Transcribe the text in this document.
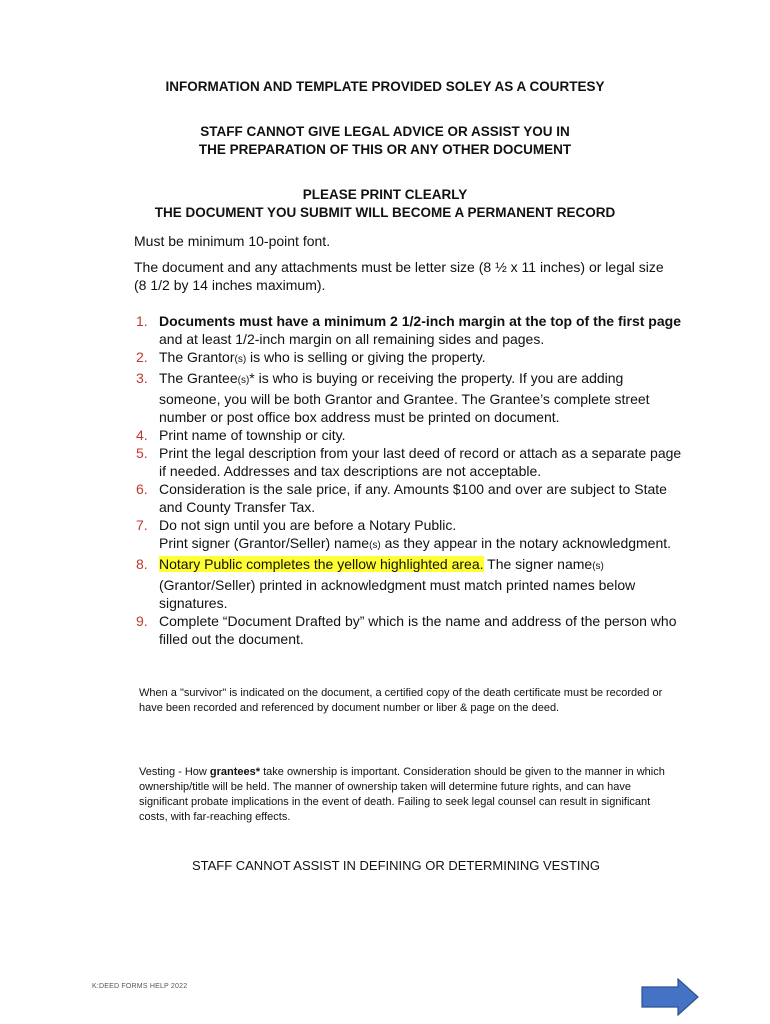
INFORMATION AND TEMPLATE PROVIDED SOLEY AS A COURTESY
STAFF CANNOT GIVE LEGAL ADVICE OR ASSIST YOU IN
THE PREPARATION OF THIS OR ANY OTHER DOCUMENT
PLEASE PRINT CLEARLY
THE DOCUMENT YOU SUBMIT WILL BECOME A PERMANENT RECORD
Must be minimum 10-point font.
The document and any attachments must be letter size (8 ½ x 11 inches) or legal size (8 1/2 by 14 inches maximum).
1. Documents must have a minimum 2 1/2-inch margin at the top of the first page and at least 1/2-inch margin on all remaining sides and pages.
2. The Grantor(s) is who is selling or giving the property.
3. The Grantee(s)* is who is buying or receiving the property. If you are adding someone, you will be both Grantor and Grantee. The Grantee’s complete street number or post office box address must be printed on document.
4. Print name of township or city.
5. Print the legal description from your last deed of record or attach as a separate page if needed. Addresses and tax descriptions are not acceptable.
6. Consideration is the sale price, if any. Amounts $100 and over are subject to State and County Transfer Tax.
7. Do not sign until you are before a Notary Public.
Print signer (Grantor/Seller) name(s) as they appear in the notary acknowledgment.
8. Notary Public completes the yellow highlighted area. The signer name(s) (Grantor/Seller) printed in acknowledgment must match printed names below signatures.
9. Complete “Document Drafted by” which is the name and address of the person who filled out the document.
When a "survivor" is indicated on the document, a certified copy of the death certificate must be recorded or have been recorded and referenced by document number or liber & page on the deed.
Vesting - How grantees* take ownership is important. Consideration should be given to the manner in which ownership/title will be held. The manner of ownership taken will determine future rights, and can have significant probate implications in the event of death. Failing to seek legal counsel can result in significant costs, with far-reaching effects.
STAFF CANNOT ASSIST IN DEFINING OR DETERMINING VESTING
K:DEED FORMS HELP 2022
OVER
